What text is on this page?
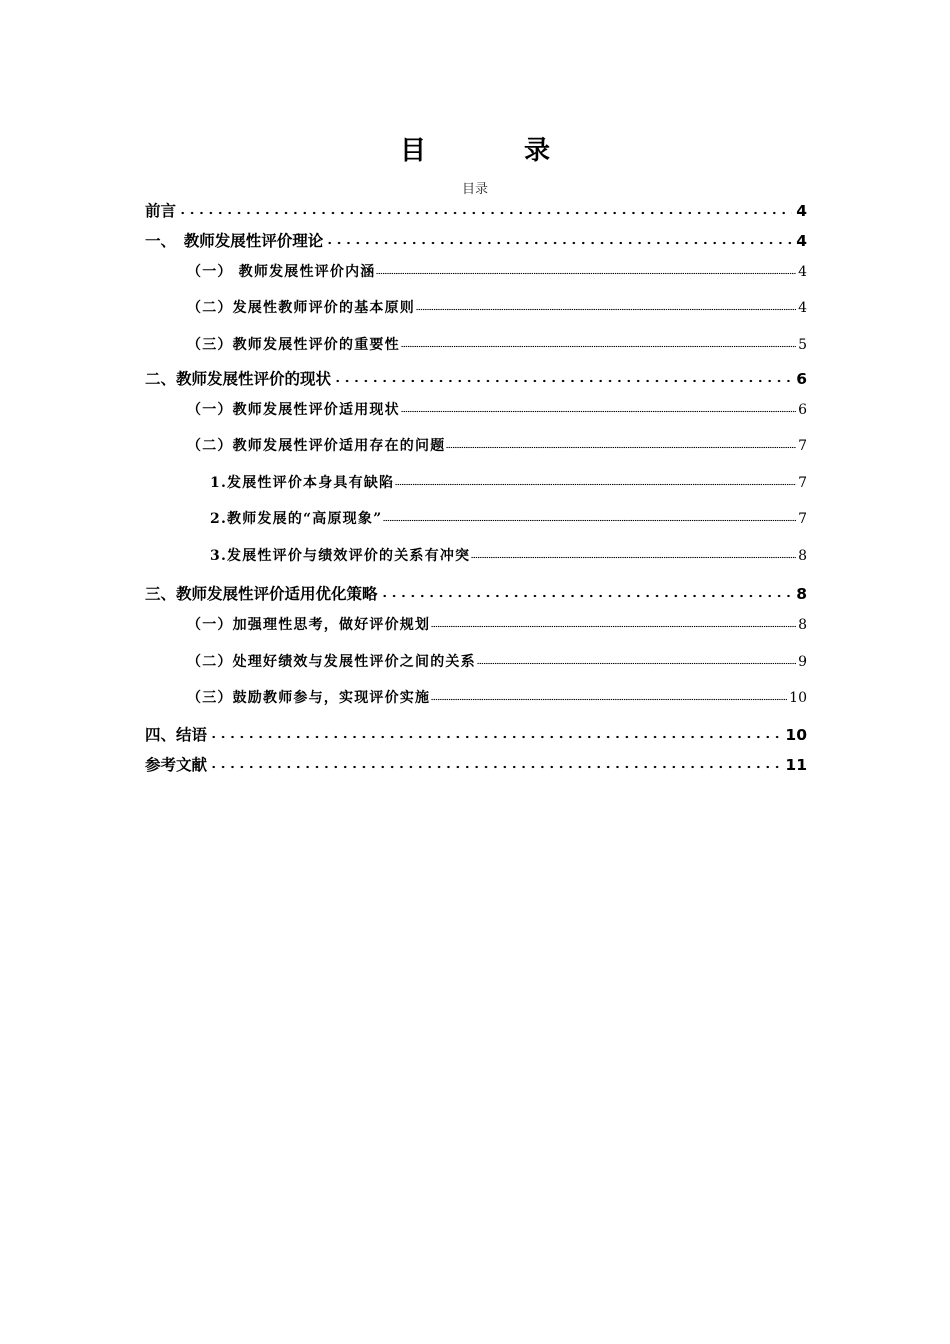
目　录
目录
前言	4
一、　教师发展性评价理论	4
（一） 教师发展性评价内涵	4
（二）发展性教师评价的基本原则	4
（三）教师发展性评价的重要性	5
二、教师发展性评价的现状	6
（一）教师发展性评价适用现状	6
（二）教师发展性评价适用存在的问题	7
1.发展性评价本身具有缺陷	7
2.教师发展的“高原现象”	7
3.发展性评价与绩效评价的关系有冲突	8
三、教师发展性评价适用优化策略	8
（一）加强理性思考，做好评价规划	8
（二）处理好绩效与发展性评价之间的关系	9
（三）鼓励教师参与，实现评价实施	10
四、结语	10
参考文献	11
